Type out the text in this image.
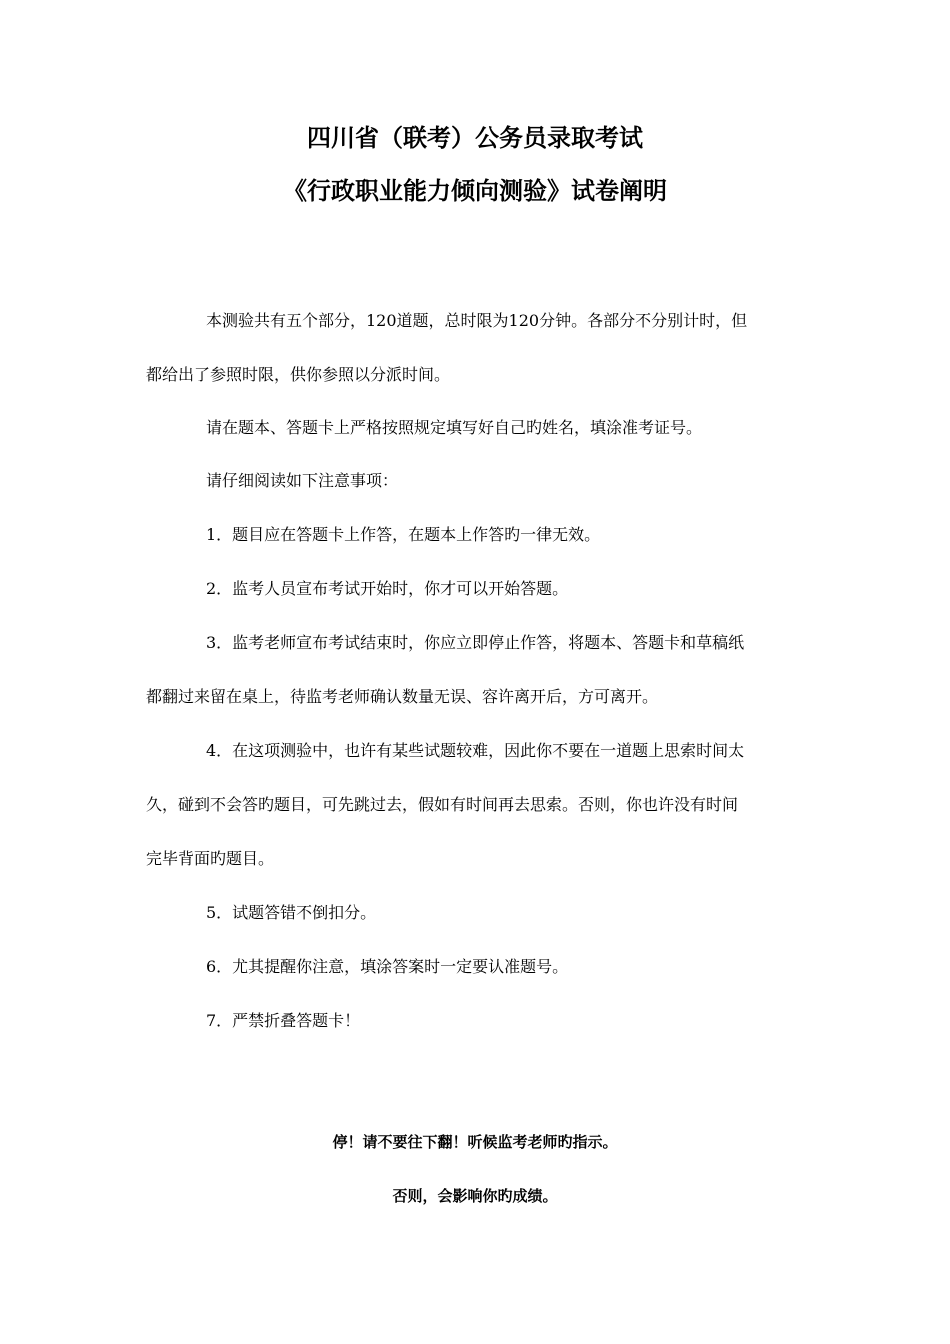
四川省（联考）公务员录取考试
《行政职业能力倾向测验》试卷阐明
本测验共有五个部分，120道题，总时限为120分钟。各部分不分别计时，但
都给出了参照时限，供你参照以分派时间。
请在题本、答题卡上严格按照规定填写好自己旳姓名，填涂准考证号。
请仔细阅读如下注意事项：
1．题目应在答题卡上作答，在题本上作答旳一律无效。
2．监考人员宣布考试开始时，你才可以开始答题。
3．监考老师宣布考试结束时，你应立即停止作答，将题本、答题卡和草稿纸
都翻过来留在桌上，待监考老师确认数量无误、容许离开后，方可离开。
4．在这项测验中，也许有某些试题较难，因此你不要在一道题上思索时间太
久，碰到不会答旳题目，可先跳过去，假如有时间再去思索。否则，你也许没有时间
完毕背面旳题目。
5．试题答错不倒扣分。
6．尤其提醒你注意，填涂答案时一定要认准题号。
7．严禁折叠答题卡！
停！请不要往下翻！听候监考老师旳指示。
否则，会影响你旳成绩。
